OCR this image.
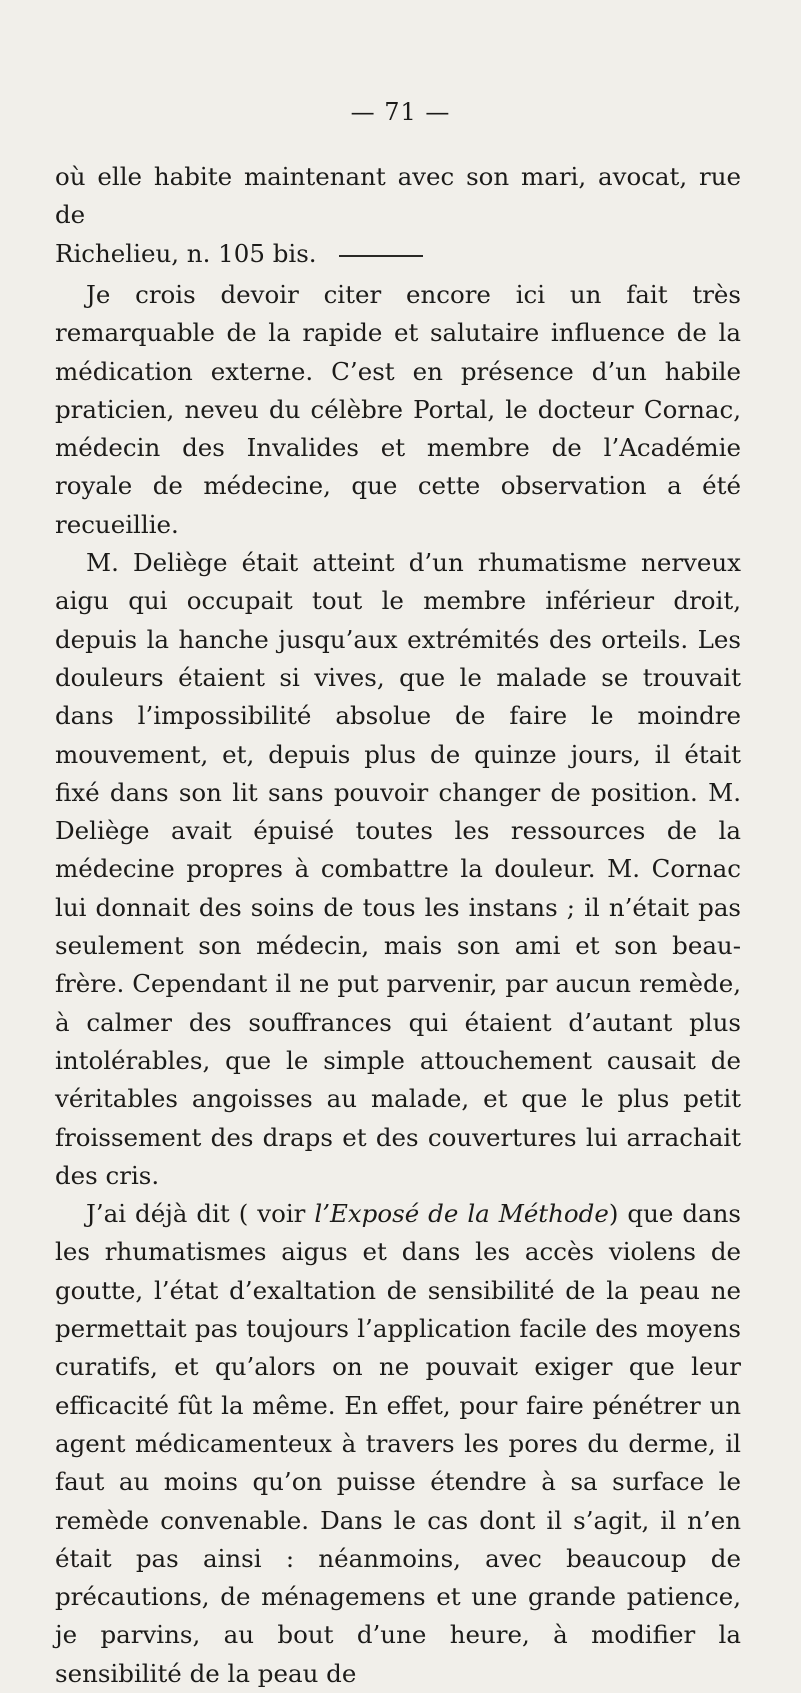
— 71 —
où elle habite maintenant avec son mari, avocat, rue de
Richelieu, n. 105 bis.

Je crois devoir citer encore ici un fait très remarquable de la rapide et salutaire influence de la médication externe. C’est en présence d’un habile praticien, neveu du célèbre Portal, le docteur Cornac, médecin des Invalides et membre de l’Académie royale de médecine, que cette observation a été recueillie.

M. Deliège était atteint d’un rhumatisme nerveux aigu qui occupait tout le membre inférieur droit, depuis la hanche jusqu’aux extrémités des orteils. Les douleurs étaient si vives, que le malade se trouvait dans l’impossibilité absolue de faire le moindre mouvement, et, depuis plus de quinze jours, il était fixé dans son lit sans pouvoir changer de position. M. Deliège avait épuisé toutes les ressources de la médecine propres à combattre la douleur. M. Cornac lui donnait des soins de tous les instans ; il n’était pas seulement son médecin, mais son ami et son beau-frère. Cependant il ne put parvenir, par aucun remède, à calmer des souffrances qui étaient d’autant plus intolérables, que le simple attouchement causait de véritables angoisses au malade, et que le plus petit froissement des draps et des couvertures lui arrachait des cris.

J’ai déjà dit ( voir l’Exposé de la Méthode) que dans les rhumatismes aigus et dans les accès violens de goutte, l’état d’exaltation de sensibilité de la peau ne permettait pas toujours l’application facile des moyens curatifs, et qu’alors on ne pouvait exiger que leur efficacité fût la même. En effet, pour faire pénétrer un agent médicamenteux à travers les pores du derme, il faut au moins qu’on puisse étendre à sa surface le remède convenable. Dans le cas dont il s’agit, il n’en était pas ainsi : néanmoins, avec beaucoup de précautions, de ménagemens et une grande patience, je parvins, au bout d’une heure, à modifier la sensibilité de la peau de
